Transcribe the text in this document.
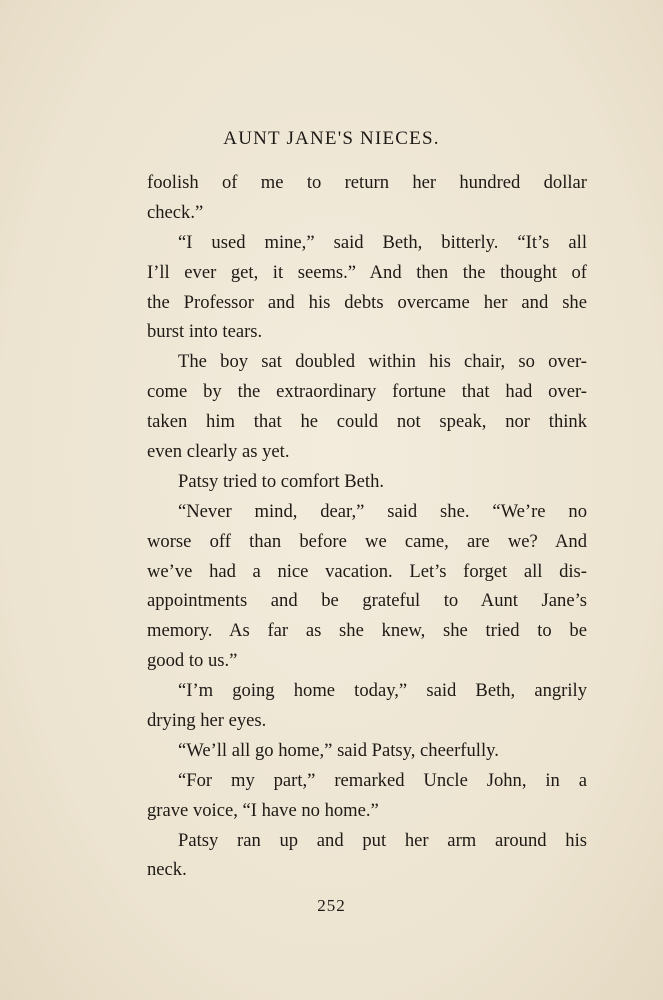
AUNT JANE'S NIECES.
foolish of me to return her hundred dollar
check.”
“I used mine,” said Beth, bitterly. “It’s all
I’ll ever get, it seems.” And then the thought of
the Professor and his debts overcame her and she
burst into tears.
The boy sat doubled within his chair, so over-
come by the extraordinary fortune that had over-
taken him that he could not speak, nor think
even clearly as yet.
Patsy tried to comfort Beth.
“Never mind, dear,” said she. “We’re no
worse off than before we came, are we? And
we’ve had a nice vacation. Let’s forget all dis-
appointments and be grateful to Aunt Jane’s
memory. As far as she knew, she tried to be
good to us.”
“I’m going home today,” said Beth, angrily
drying her eyes.
“We’ll all go home,” said Patsy, cheerfully.
“For my part,” remarked Uncle John, in a
grave voice, “I have no home.”
Patsy ran up and put her arm around his
neck.
252
